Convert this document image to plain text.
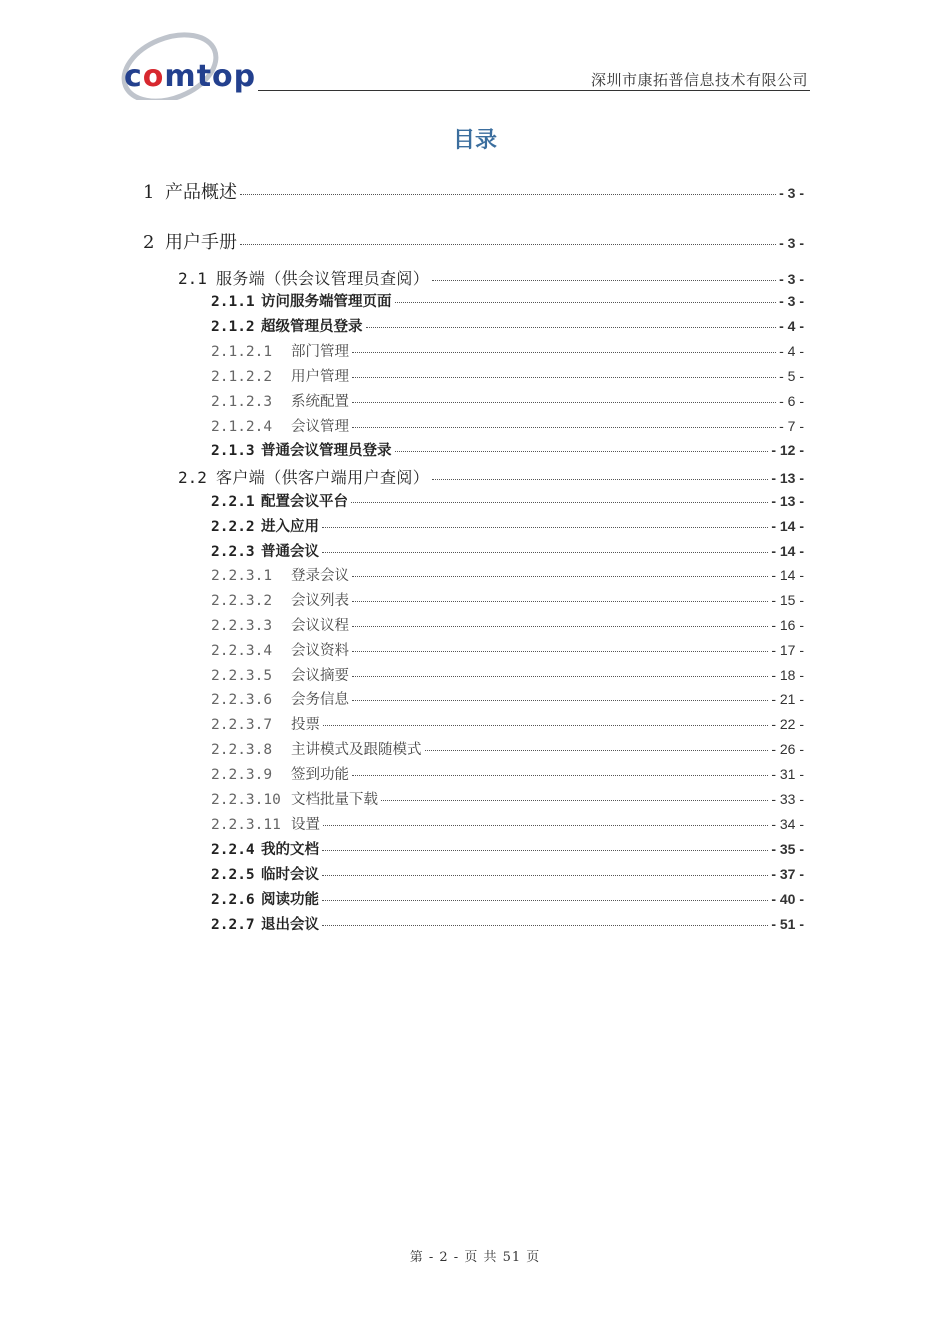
comtop	深圳市康拓普信息技术有限公司
目录
1 产品概述	- 3 -
2 用户手册	- 3 -
2.1 服务端（供会议管理员查阅）	- 3 -
2.1.1 访问服务端管理页面	- 3 -
2.1.2 超级管理员登录	- 4 -
2.1.2.1	部门管理	- 4 -
2.1.2.2	用户管理	- 5 -
2.1.2.3	系统配置	- 6 -
2.1.2.4	会议管理	- 7 -
2.1.3 普通会议管理员登录	- 12 -
2.2 客户端（供客户端用户查阅）	- 13 -
2.2.1 配置会议平台	- 13 -
2.2.2 进入应用	- 14 -
2.2.3 普通会议	- 14 -
2.2.3.1	登录会议	- 14 -
2.2.3.2	会议列表	- 15 -
2.2.3.3	会议议程	- 16 -
2.2.3.4	会议资料	- 17 -
2.2.3.5	会议摘要	- 18 -
2.2.3.6	会务信息	- 21 -
2.2.3.7	投票	- 22 -
2.2.3.8	主讲模式及跟随模式	- 26 -
2.2.3.9	签到功能	- 31 -
2.2.3.10 文档批量下载	- 33 -
2.2.3.11 设置	- 34 -
2.2.4 我的文档	- 35 -
2.2.5 临时会议	- 37 -
2.2.6 阅读功能	- 40 -
2.2.7 退出会议	- 51 -
第 - 2 - 页 共 51 页
